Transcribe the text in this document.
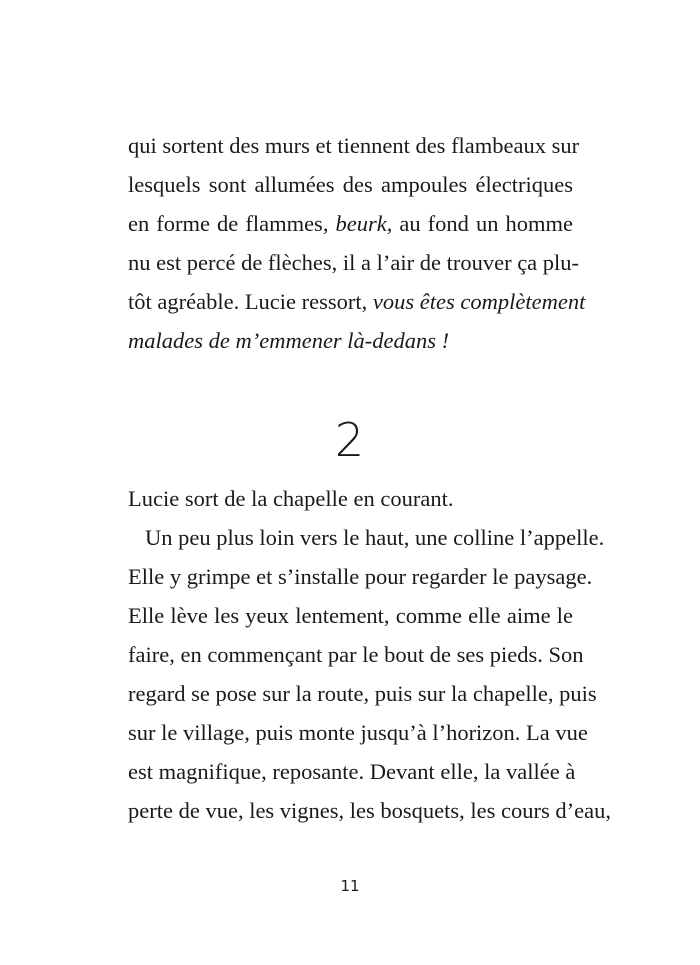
qui sortent des murs et tiennent des flambeaux sur
lesquels sont allumées des ampoules électriques
en forme de flammes, beurk, au fond un homme
nu est percé de flèches, il a l’air de trouver ça plu-
tôt agréable. Lucie ressort, vous êtes complètement
malades de m’emmener là-dedans !
2
Lucie sort de la chapelle en courant.
Un peu plus loin vers le haut, une colline l’appelle.
Elle y grimpe et s’installe pour regarder le paysage.
Elle lève les yeux lentement, comme elle aime le
faire, en commençant par le bout de ses pieds. Son
regard se pose sur la route, puis sur la chapelle, puis
sur le village, puis monte jusqu’à l’horizon. La vue
est magnifique, reposante. Devant elle, la vallée à
perte de vue, les vignes, les bosquets, les cours d’eau,
11
